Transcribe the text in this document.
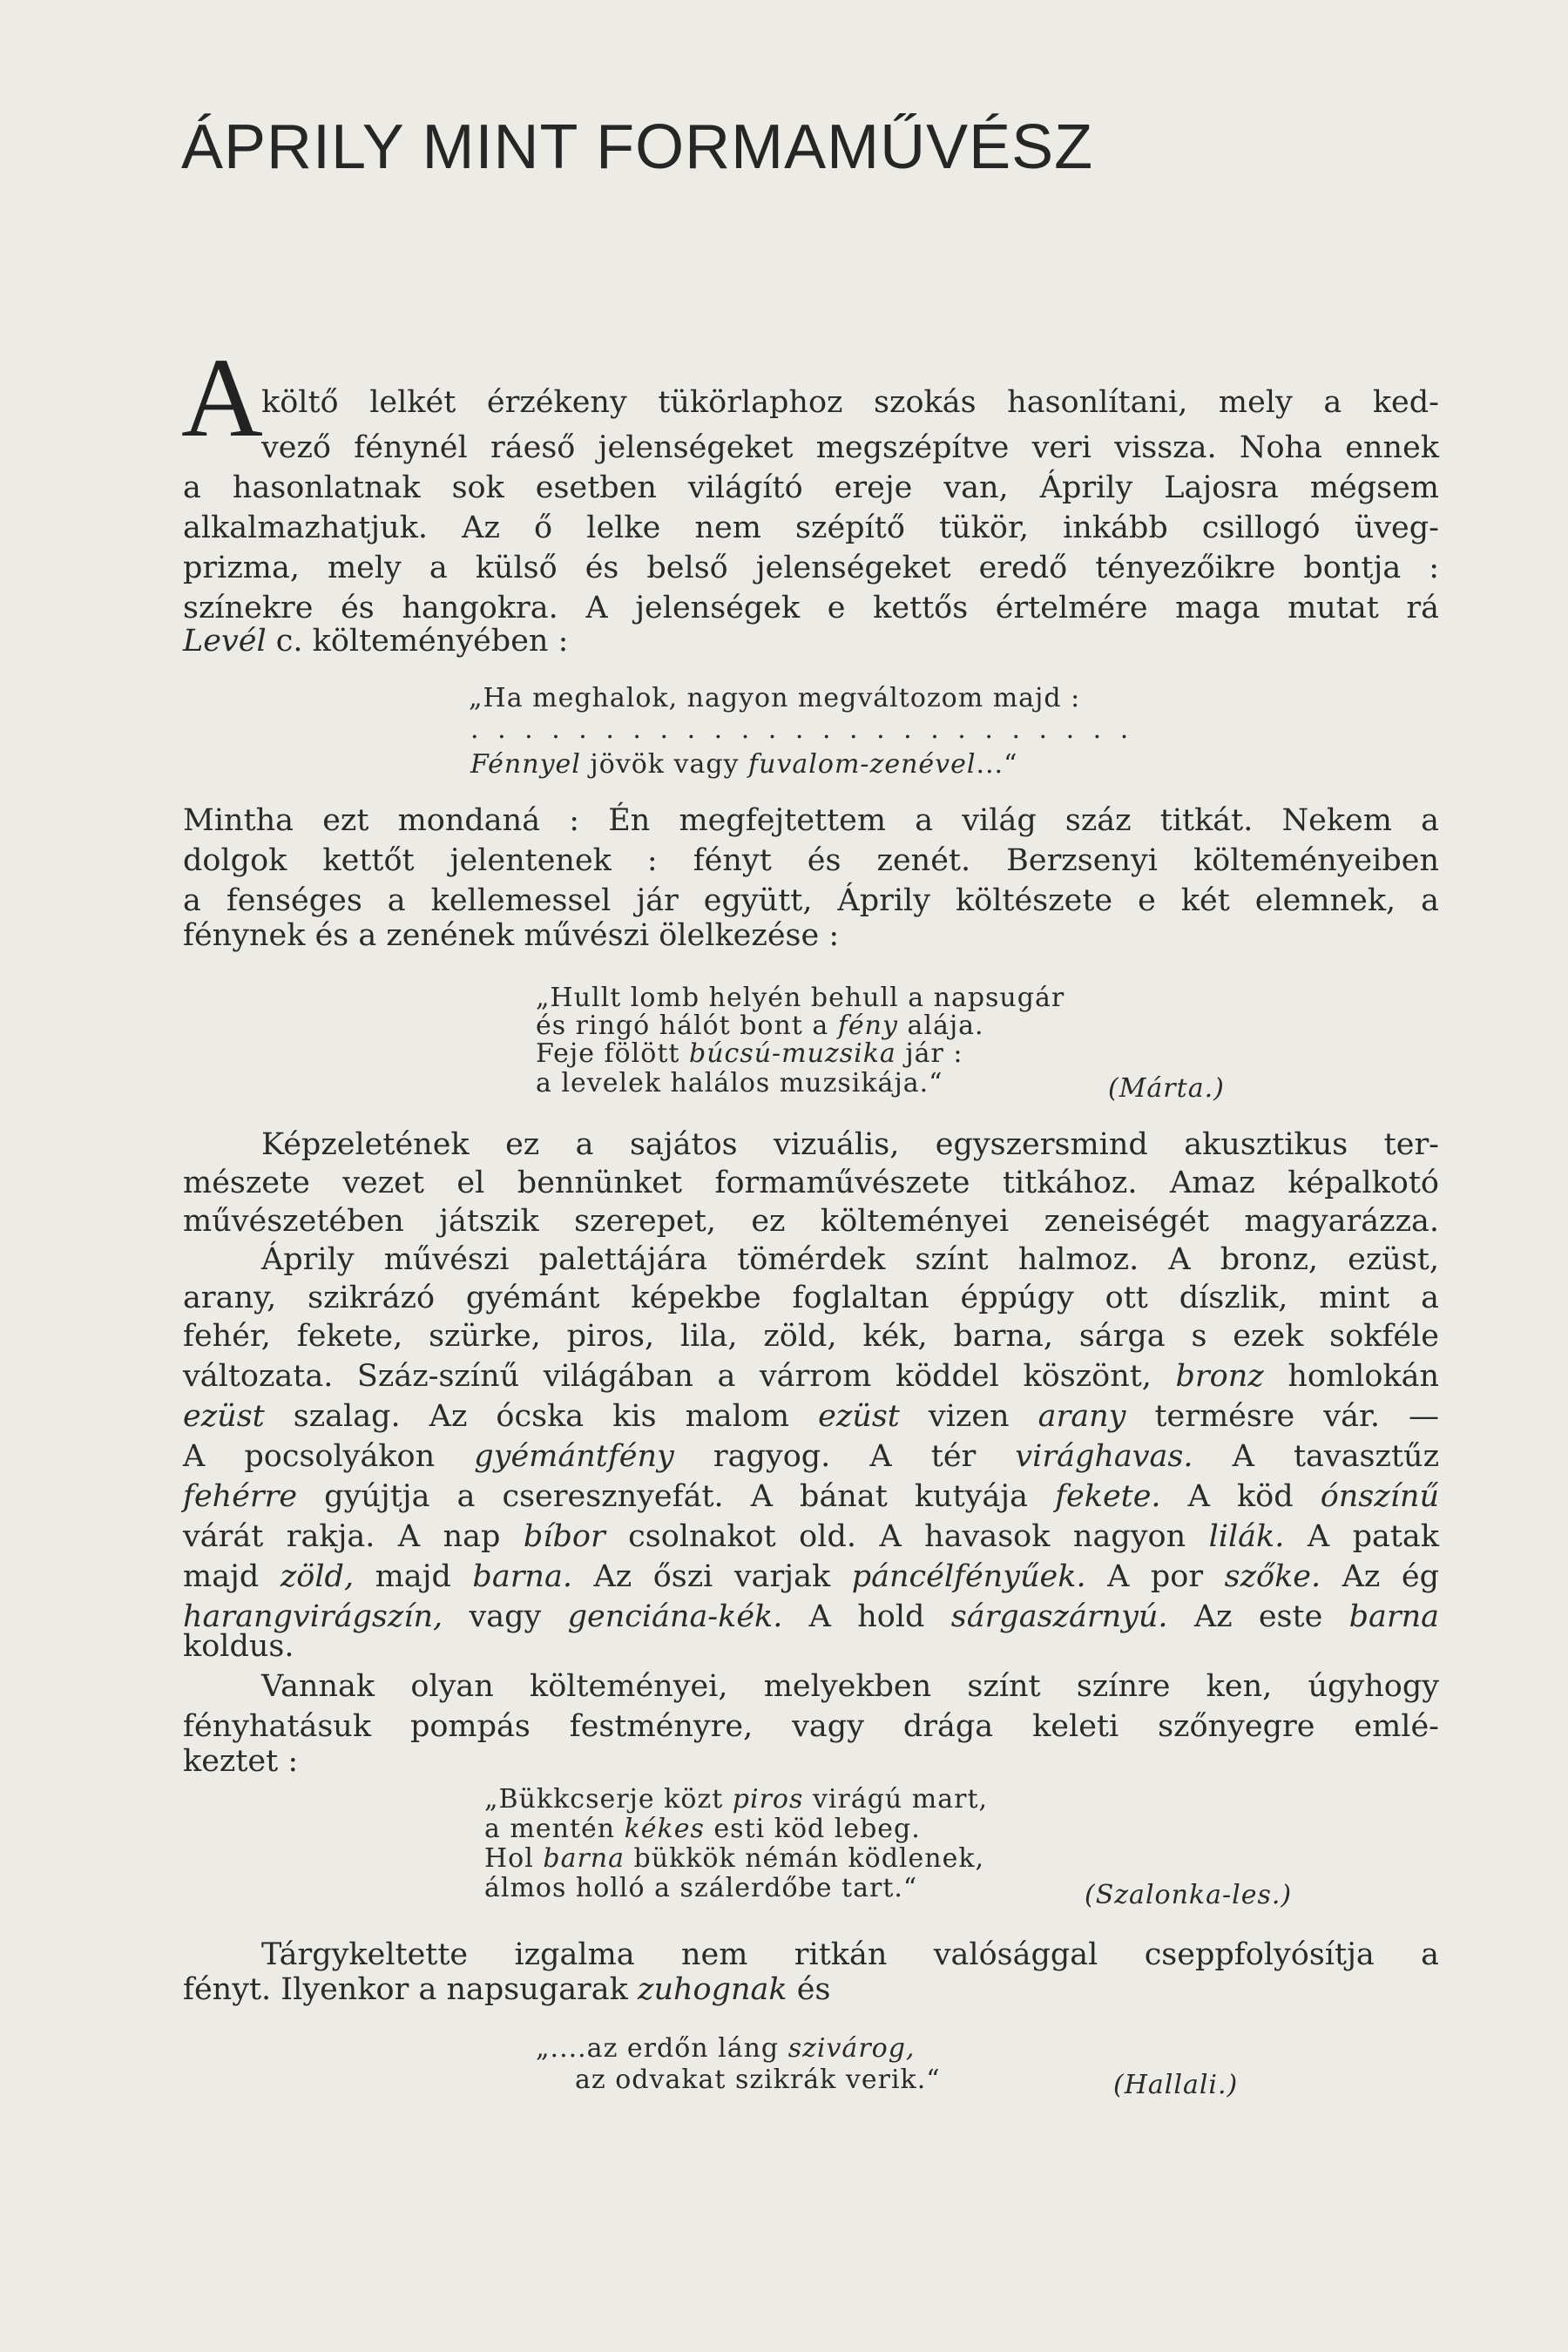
ÁPRILY MINT FORMAMŰVÉSZ
A
költő lelkét érzékeny tükörlaphoz szokás hasonlítani, mely a ked-
vező fénynél ráeső jelenségeket megszépítve veri vissza. Noha ennek
a hasonlatnak sok esetben világító ereje van, Áprily Lajosra mégsem
alkalmazhatjuk. Az ő lelke nem szépítő tükör, inkább csillogó üveg-
prizma, mely a külső és belső jelenségeket eredő tényezőikre bontja :
színekre és hangokra. A jelenségek e kettős értelmére maga mutat rá
Levél c. költeményében :
„Ha meghalok, nagyon megváltozom majd :
. . . . . . . . . . . . . . . . . . . . . . . . .
Fénnyel jövök vagy fuvalom-zenével...“
Mintha ezt mondaná : Én megfejtettem a világ száz titkát. Nekem a
dolgok kettőt jelentenek : fényt és zenét. Berzsenyi költeményeiben
a fenséges a kellemessel jár együtt, Áprily költészete e két elemnek, a
fénynek és a zenének művészi ölelkezése :
„Hullt lomb helyén behull a napsugár
és ringó hálót bont a fény alája.
Feje fölött búcsú-muzsika jár :
a levelek halálos muzsikája.“	(Márta.)
Képzeletének ez a sajátos vizuális, egyszersmind akusztikus ter-
mészete vezet el bennünket formaművészete titkához. Amaz képalkotó
művészetében játszik szerepet, ez költeményei zeneiségét magyarázza.
Áprily művészi palettájára tömérdek színt halmoz. A bronz, ezüst,
arany, szikrázó gyémánt képekbe foglaltan éppúgy ott díszlik, mint a
fehér, fekete, szürke, piros, lila, zöld, kék, barna, sárga s ezek sokféle
változata. Száz-színű világában a várrom köddel köszönt, bronz homlokán
ezüst szalag. Az ócska kis malom ezüst vizen arany termésre vár. —
A pocsolyákon gyémántfény ragyog. A tér virághavas. A tavasztűz
fehérre gyújtja a cseresznyefát. A bánat kutyája fekete. A köd ónszínű
várát rakja. A nap bíbor csolnakot old. A havasok nagyon lilák. A patak
majd zöld, majd barna. Az őszi varjak páncélfényűek. A por szőke. Az ég
harangvirágszín, vagy genciána-kék. A hold sárgaszárnyú. Az este barna
koldus.
Vannak olyan költeményei, melyekben színt színre ken, úgyhogy
fényhatásuk pompás festményre, vagy drága keleti szőnyegre emlé-
keztet :
„Bükkcserje közt piros virágú mart,
a mentén kékes esti köd lebeg.
Hol barna bükkök némán ködlenek,
álmos holló a szálerdőbe tart.“	(Szalonka-les.)
Tárgykeltette izgalma nem ritkán valósággal cseppfolyósítja a
fényt. Ilyenkor a napsugarak zuhognak és
„....az erdőn láng szivárog,
az odvakat szikrák verik.“	(Hallali.)
